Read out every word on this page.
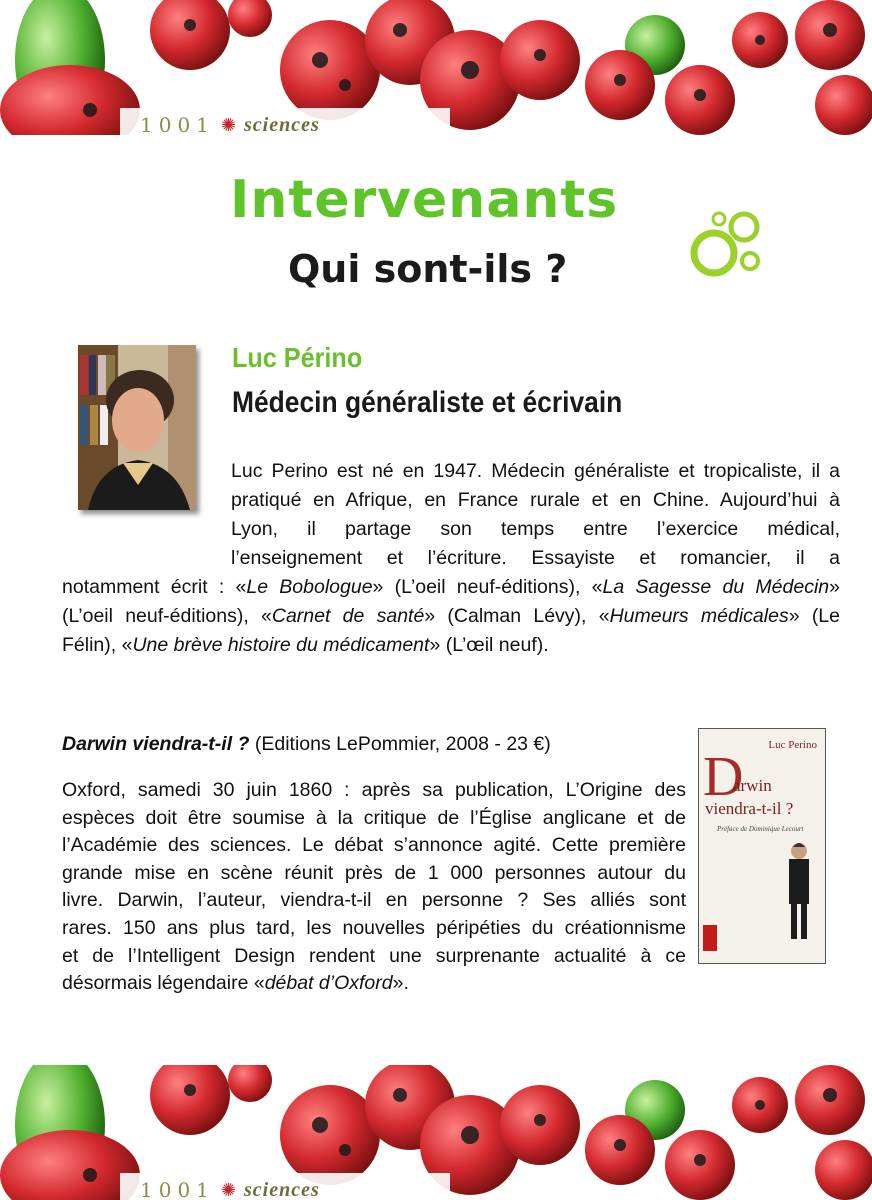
1001 ✺ sciences
Intervenants
Qui sont-ils ?
Luc Périno
Médecin généraliste et écrivain
Luc Perino est né en 1947. Médecin généraliste et tropicaliste, il a
pratiqué en Afrique, en France rurale et en Chine. Aujourd’hui à
Lyon, il partage son temps entre l’exercice médical,
l’enseignement et l’écriture. Essayiste et romancier, il a
notamment écrit : «Le Bobologue» (L’oeil neuf-éditions), «La Sagesse du Médecin»
(L’oeil neuf-éditions), «Carnet de santé» (Calman Lévy), «Humeurs médicales» (Le
Félin), «Une brève histoire du médicament» (L’œil neuf).
Darwin viendra-t-il ? (Editions LePommier, 2008 - 23 €)
Oxford, samedi 30 juin 1860 : après sa publication, L’Origine des
espèces doit être soumise à la critique de l’Église anglicane et de
l’Académie des sciences. Le débat s’annonce agité. Cette première
grande mise en scène réunit près de 1 000 personnes autour du
livre. Darwin, l’auteur, viendra-t-il en personne ? Ses alliés sont
rares. 150 ans plus tard, les nouvelles péripéties du créationnisme
et de l’Intelligent Design rendent une surprenante actualité à ce
désormais légendaire «débat d’Oxford».
Luc Perino
D
arwin
viendra-t-il ?
Préface de Dominique Lecourt
1001 ✺ sciences
